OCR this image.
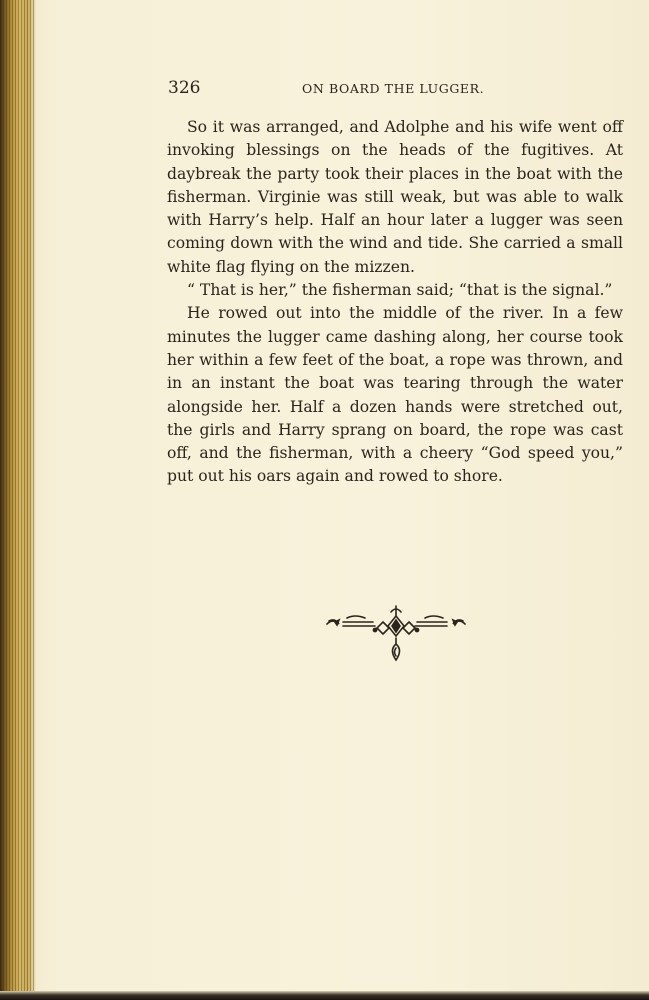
326	ON BOARD THE LUGGER.

So it was arranged, and Adolphe and his wife went off invoking blessings on the heads of the fugitives. At daybreak the party took their places in the boat with the fisherman. Virginie was still weak, but was able to walk with Harry’s help. Half an hour later a lugger was seen coming down with the wind and tide. She carried a small white flag flying on the mizzen.

“ That is her,” the fisherman said; “that is the signal.”

He rowed out into the middle of the river. In a few minutes the lugger came dashing along, her course took her within a few feet of the boat, a rope was thrown, and in an instant the boat was tearing through the water alongside her. Half a dozen hands were stretched out, the girls and Harry sprang on board, the rope was cast off, and the fisherman, with a cheery “God speed you,” put out his oars again and rowed to shore.
